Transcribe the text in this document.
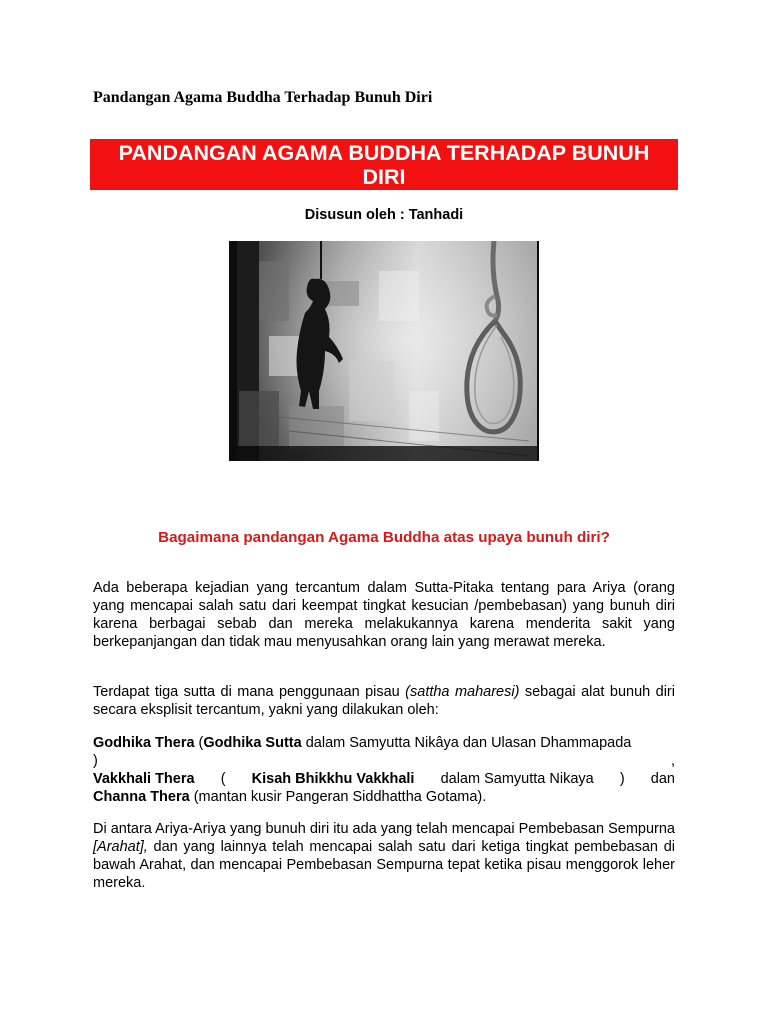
Pandangan Agama Buddha Terhadap Bunuh Diri
PANDANGAN AGAMA BUDDHA TERHADAP BUNUH
DIRI
Disusun oleh : Tanhadi
Bagaimana pandangan Agama Buddha atas upaya bunuh diri?
Ada beberapa kejadian yang tercantum dalam Sutta-Pitaka tentang para Ariya (orang yang mencapai salah satu dari keempat tingkat kesucian /pembebasan) yang bunuh diri karena berbagai sebab dan mereka melakukannya karena menderita sakit yang berkepanjangan dan tidak mau menyusahkan orang lain yang merawat mereka.
Terdapat tiga sutta di mana penggunaan pisau (sattha maharesi) sebagai alat bunuh diri secara eksplisit tercantum, yakni yang dilakukan oleh:
Godhika Thera (Godhika Sutta dalam Samyutta Nikâya dan Ulasan Dhammapada
)	,
Vakkhali Thera ( Kisah Bhikkhu Vakkhali dalam Samyutta Nikaya ) dan
Channa Thera (mantan kusir Pangeran Siddhattha Gotama).
Di antara Ariya-Ariya yang bunuh diri itu ada yang telah mencapai Pembebasan Sempurna [Arahat], dan yang lainnya telah mencapai salah satu dari ketiga tingkat pembebasan di bawah Arahat, dan mencapai Pembebasan Sempurna tepat ketika pisau menggorok leher mereka.
